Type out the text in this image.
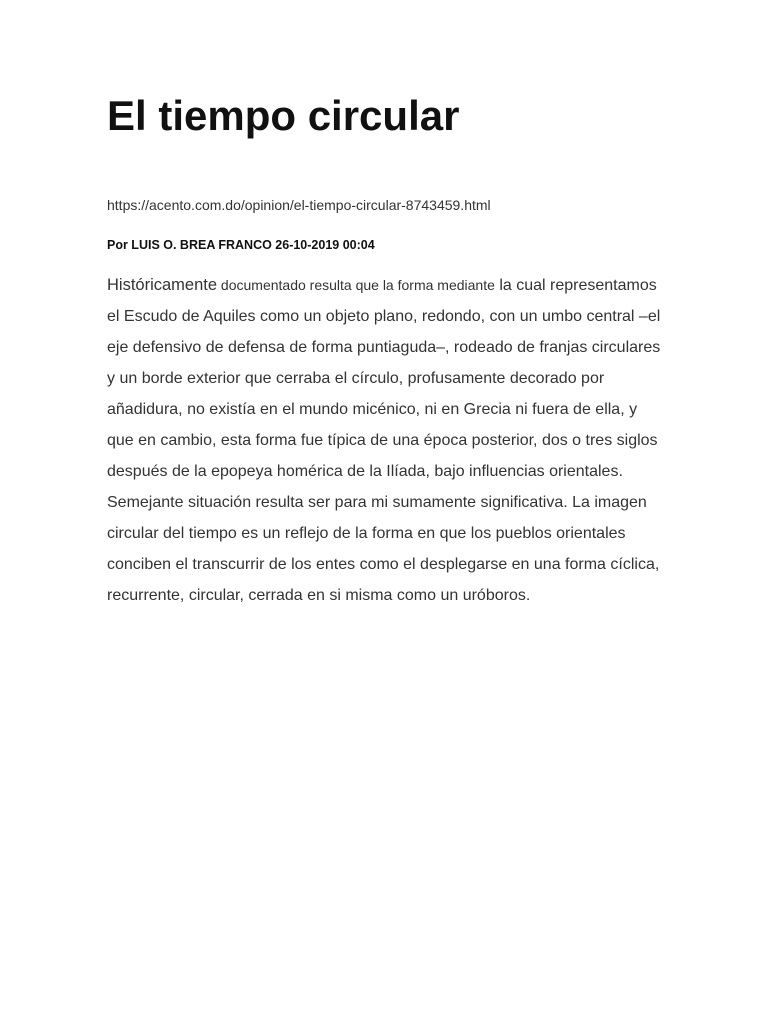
El tiempo circular
https://acento.com.do/opinion/el-tiempo-circular-8743459.html
Por LUIS O. BREA FRANCO 26-10-2019 00:04

Históricamente documentado resulta que la forma mediante la cual representamos el Escudo de Aquiles como un objeto plano, redondo, con un umbo central –el eje defensivo de defensa de forma puntiaguda–, rodeado de franjas circulares y un borde exterior que cerraba el círculo, profusamente decorado por añadidura, no existía en el mundo micénico, ni en Grecia ni fuera de ella, y que en cambio, esta forma fue típica de una época posterior, dos o tres siglos después de la epopeya homérica de la Ilíada, bajo influencias orientales.

Semejante situación resulta ser para mi sumamente significativa. La imagen circular del tiempo es un reflejo de la forma en que los pueblos orientales conciben el transcurrir de los entes como el desplegarse en una forma cíclica, recurrente, circular, cerrada en si misma como un uróboros.
